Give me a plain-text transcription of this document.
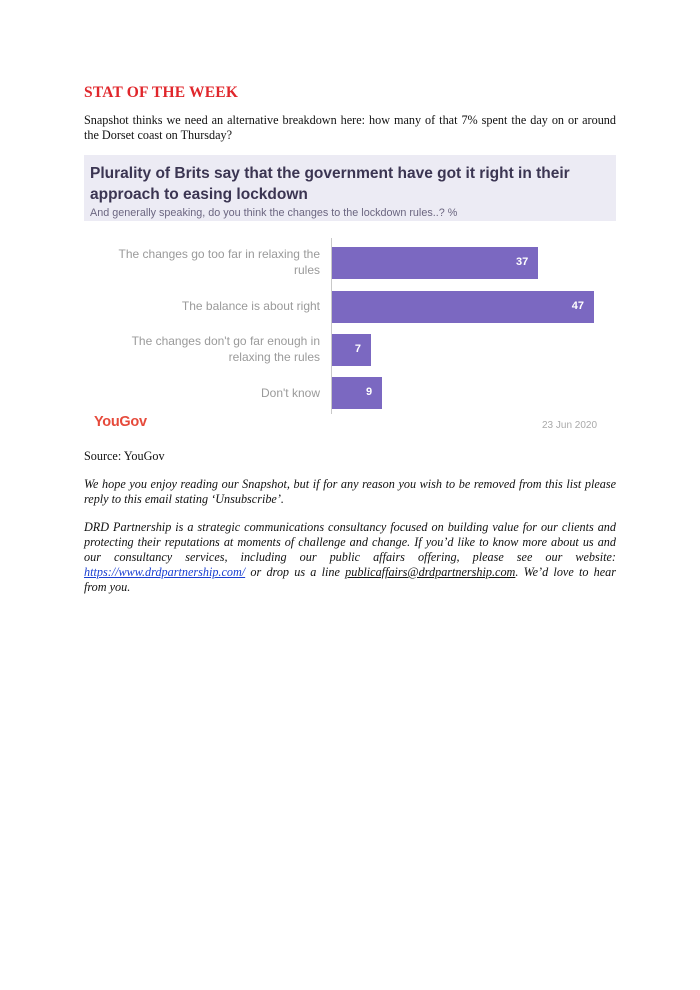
STAT OF THE WEEK
Snapshot thinks we need an alternative breakdown here: how many of that 7% spent the day on or around the Dorset coast on Thursday?
Plurality of Brits say that the government have got it right in their approach to easing lockdown
And generally speaking, do you think the changes to the lockdown rules..? %
The changes go too far in relaxing the rules
The balance is about right
The changes don't go far enough in relaxing the rules
Don't know
YouGov	23 Jun 2020
37
47
7
9
Source: YouGov
We hope you enjoy reading our Snapshot, but if for any reason you wish to be removed from this list please reply to this email stating ‘Unsubscribe’.
DRD Partnership is a strategic communications consultancy focused on building value for our clients and protecting their reputations at moments of challenge and change. If you’d like to know more about us and our consultancy services, including our public affairs offering, please see our website: https://www.drdpartnership.com/ or drop us a line publicaffairs@drdpartnership.com. We’d love to hear from you.
